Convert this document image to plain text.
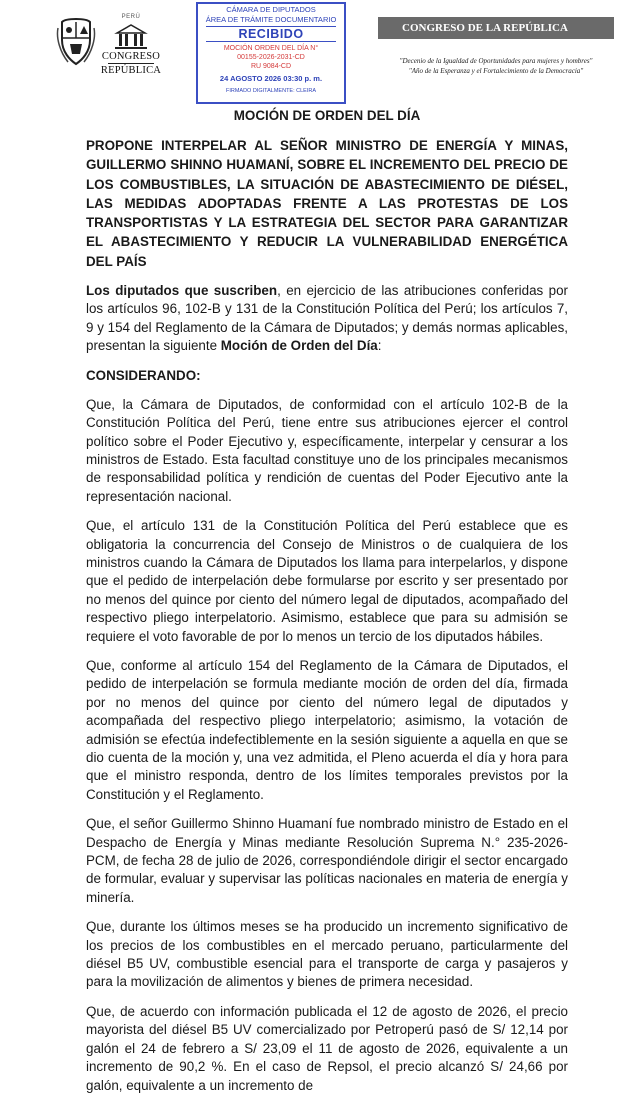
PERÚ
CONGRESO
REPÚBLICA
CÁMARA DE DIPUTADOS
ÁREA DE TRÁMITE DOCUMENTARIO
RECIBIDO
MOCIÓN ORDEN DEL DÍA N°
00155-2026-2031-CD
RU 9084-CD
24 AGOSTO 2026 03:30 p. m.
FIRMADO DIGITALMENTE: CLEIRA
CONGRESO DE LA REPÚBLICA
"Decenio de la Igualdad de Oportunidades para mujeres y hombres"
"Año de la Esperanza y el Fortalecimiento de la Democracia"
MOCIÓN DE ORDEN DEL DÍA
PROPONE INTERPELAR AL SEÑOR MINISTRO DE ENERGÍA Y MINAS, GUILLERMO SHINNO HUAMANÍ, SOBRE EL INCREMENTO DEL PRECIO DE LOS COMBUSTIBLES, LA SITUACIÓN DE ABASTECIMIENTO DE DIÉSEL, LAS MEDIDAS ADOPTADAS FRENTE A LAS PROTESTAS DE LOS TRANSPORTISTAS Y LA ESTRATEGIA DEL SECTOR PARA GARANTIZAR EL ABASTECIMIENTO Y REDUCIR LA VULNERABILIDAD ENERGÉTICA DEL PAÍS
Los diputados que suscriben, en ejercicio de las atribuciones conferidas por los artículos 96, 102-B y 131 de la Constitución Política del Perú; los artículos 7, 9 y 154 del Reglamento de la Cámara de Diputados; y demás normas aplicables, presentan la siguiente Moción de Orden del Día:
CONSIDERANDO:
Que, la Cámara de Diputados, de conformidad con el artículo 102-B de la Constitución Política del Perú, tiene entre sus atribuciones ejercer el control político sobre el Poder Ejecutivo y, específicamente, interpelar y censurar a los ministros de Estado. Esta facultad constituye uno de los principales mecanismos de responsabilidad política y rendición de cuentas del Poder Ejecutivo ante la representación nacional.
Que, el artículo 131 de la Constitución Política del Perú establece que es obligatoria la concurrencia del Consejo de Ministros o de cualquiera de los ministros cuando la Cámara de Diputados los llama para interpelarlos, y dispone que el pedido de interpelación debe formularse por escrito y ser presentado por no menos del quince por ciento del número legal de diputados, acompañado del respectivo pliego interpelatorio. Asimismo, establece que para su admisión se requiere el voto favorable de por lo menos un tercio de los diputados hábiles.
Que, conforme al artículo 154 del Reglamento de la Cámara de Diputados, el pedido de interpelación se formula mediante moción de orden del día, firmada por no menos del quince por ciento del número legal de diputados y acompañada del respectivo pliego interpelatorio; asimismo, la votación de admisión se efectúa indefectiblemente en la sesión siguiente a aquella en que se dio cuenta de la moción y, una vez admitida, el Pleno acuerda el día y hora para que el ministro responda, dentro de los límites temporales previstos por la Constitución y el Reglamento.
Que, el señor Guillermo Shinno Huamaní fue nombrado ministro de Estado en el Despacho de Energía y Minas mediante Resolución Suprema N.° 235-2026-PCM, de fecha 28 de julio de 2026, correspondiéndole dirigir el sector encargado de formular, evaluar y supervisar las políticas nacionales en materia de energía y minería.
Que, durante los últimos meses se ha producido un incremento significativo de los precios de los combustibles en el mercado peruano, particularmente del diésel B5 UV, combustible esencial para el transporte de carga y pasajeros y para la movilización de alimentos y bienes de primera necesidad.
Que, de acuerdo con información publicada el 12 de agosto de 2026, el precio mayorista del diésel B5 UV comercializado por Petroperú pasó de S/ 12,14 por galón el 24 de febrero a S/ 23,09 el 11 de agosto de 2026, equivalente a un incremento de 90,2 %. En el caso de Repsol, el precio alcanzó S/ 24,66 por galón, equivalente a un incremento de
